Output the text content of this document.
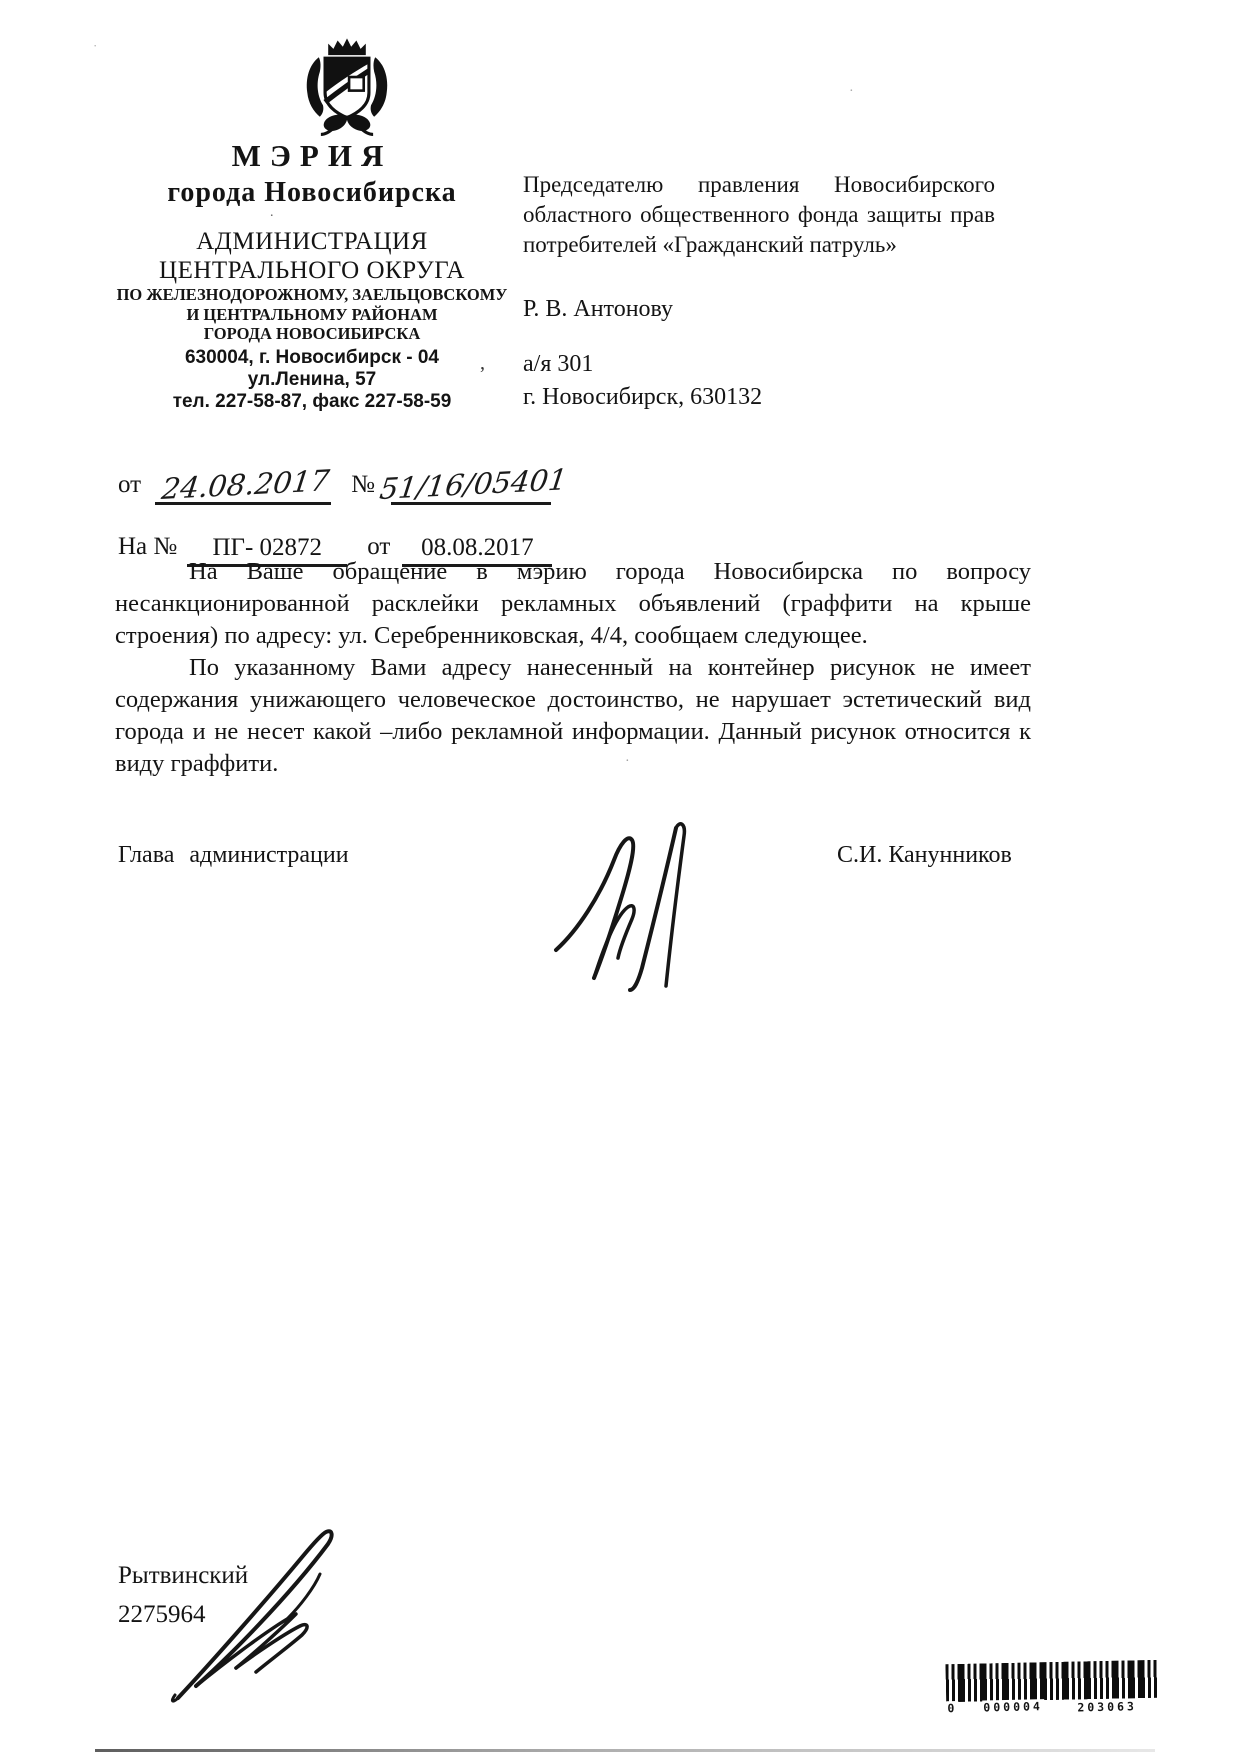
МЭРИЯ
города Новосибирска
АДМИНИСТРАЦИЯ
ЦЕНТРАЛЬНОГО ОКРУГА
ПО ЖЕЛЕЗНОДОРОЖНОМУ, ЗАЕЛЬЦОВСКОМУ
И ЦЕНТРАЛЬНОМУ РАЙОНАМ
ГОРОДА НОВОСИБИРСКА
630004, г. Новосибирск - 04
ул.Ленина, 57
тел. 227-58-87, факс 227-58-59
от 24.08.2017 № 51/16/05401
На № ПГ- 02872 от 08.08.2017
Председателю правления Новосибирского областного общественного фонда защиты прав потребителей «Гражданский патруль»
Р. В. Антонову
а/я 301
г. Новосибирск, 630132

На Ваше обращение в мэрию города Новосибирска по вопросу несанкционированной расклейки рекламных объявлений (граффити на крыше строения) по адресу: ул. Серебренниковская, 4/4, сообщаем следующее.

По указанному Вами адресу нанесенный на контейнер рисунок не имеет содержания унижающего человеческое достоинство, не нарушает эстетический вид города и не несет какой –либо рекламной информации. Данный рисунок относится к виду граффити.

Глава администрации	С.И. Канунников
Рытвинский
2275964
0 000004	203063
’
.
·
·
·
